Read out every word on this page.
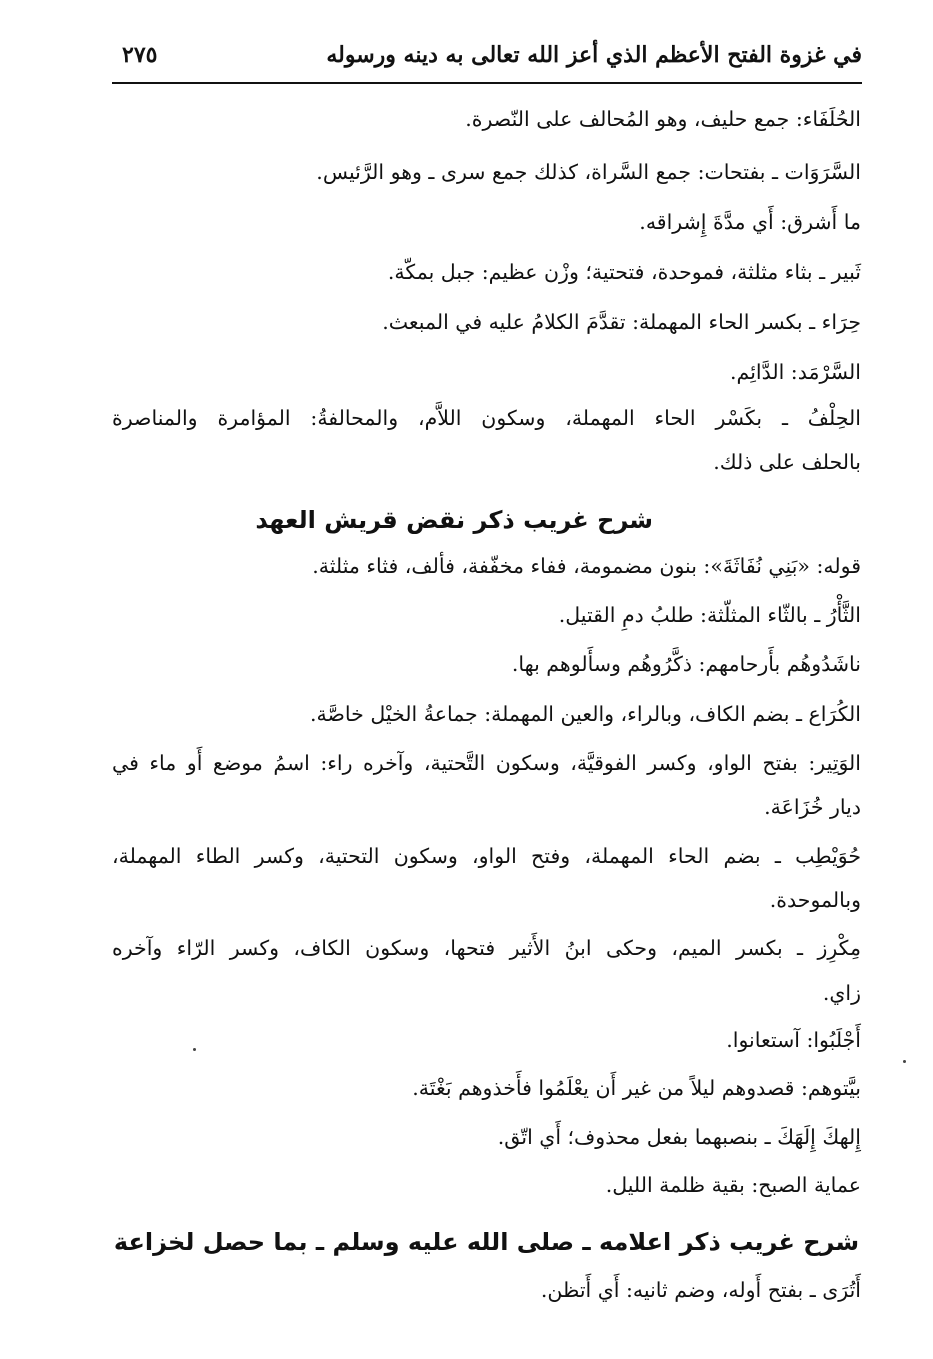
في غزوة الفتح الأعظم الذي أعز الله تعالى به دينه ورسوله
٢٧٥
الحُلَفَاء: جمع حليف، وهو المُحالف على النّصرة.
السَّرَوَات ـ بفتحات: جمع السَّراة، كذلك جمع سرى ـ وهو الرَّئيس.
ما أَشرق: أَي مدَّةَ إِشراقه.
ثَبير ـ بثاء مثلثة، فموحدة، فتحتية؛ وزْن عظيم: جبل بمكّة.
حِرَاء ـ بكسر الحاء المهملة: تقدَّمَ الكلامُ عليه في المبعث.
السَّرْمَد: الدَّائِم.
الحِلْفُ ـ بكَسْر الحاء المهملة، وسكون اللاَّم، والمحالفةُ: المؤامرة والمناصرة
بالحلف على ذلك.
شرح غريب ذكر نقض قريش العهد
قوله: «بَنِي نُفَاثَةَ»: بنون مضمومة، ففاء مخفّفة، فألف، فثاء مثلثة.
الثَّأْرُ ـ بالثّاء المثلّثة: طلبُ دمِ القتيل.
ناشَدُوهُم بأَرحامهم: ذكَّرُوهُم وسأَلوهم بها.
الكُرَاع ـ بضم الكاف، وبالراء، والعين المهملة: جماعةُ الخيْل خاصَّة.
الوَتِير: بفتح الواو، وكسر الفوقيَّة، وسكون التَّحتية، وآخره راء: اسمُ موضع أَو ماء في
ديار خُزَاعَة.
حُوَيْطِب ـ بضم الحاء المهملة، وفتح الواو، وسكون التحتية، وكسر الطاء المهملة،
وبالموحدة.
مِكْرِز ـ بكسر الميم، وحكى ابنُ الأَثير فتحها، وسكون الكاف، وكسر الرّاء وآخره
زاي.
أَجْلَبُوا: آستعانوا.
بيَّتوهم: قصدوهم ليلاً من غير أَن يعْلَمُوا فأَخذوهم بَغْتَة.
إِلهكَ إِلَهَكَ ـ بنصبهما بفعل محذوف؛ أَي اتّق.
عماية الصبح: بقية ظلمة الليل.
شرح غريب ذكر اعلامه ـ صلى الله عليه وسلم ـ بما حصل لخزاعة
أَتُرَى ـ بفتح أَوله، وضم ثانيه: أَي أَتظن.
